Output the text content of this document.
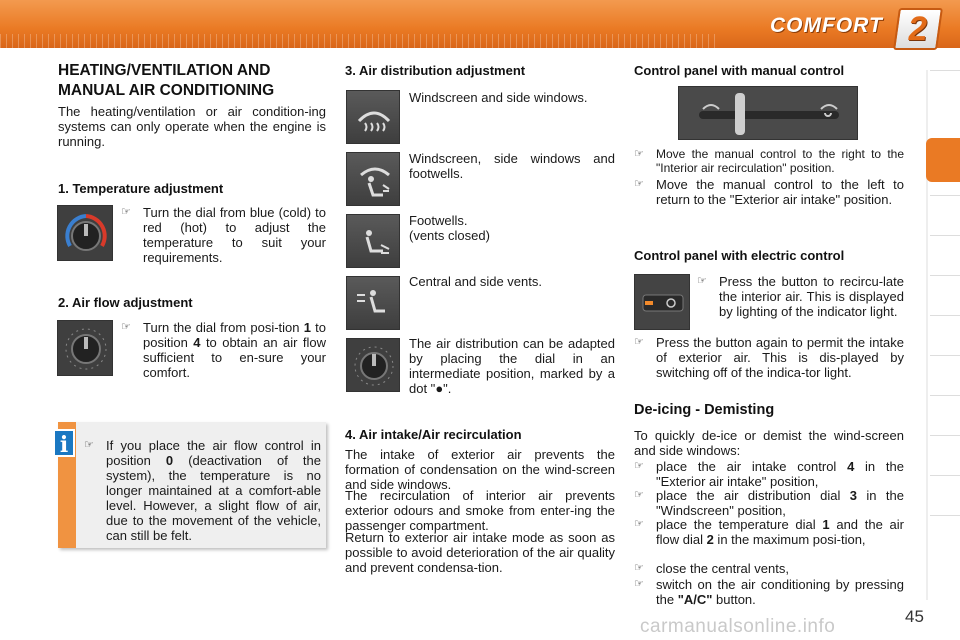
COMFORT 2
HEATING/VENTILATION AND
MANUAL AIR CONDITIONING
The heating/ventilation or air condition-ing systems can only operate when the engine is running.
1. Temperature adjustment
☞ Turn the dial from blue (cold) to red (hot) to adjust the temperature to suit your requirements.
2. Air flow adjustment
☞ Turn the dial from posi-tion 1 to position 4 to obtain an air flow sufficient to en-sure your comfort.
i	☞ If you place the air flow control in position 0 (deactivation of the system), the temperature is no longer maintained at a comfort-able level. However, a slight flow of air, due to the movement of the vehicle, can still be felt.
3. Air distribution adjustment
Windscreen and side windows.
Windscreen, side windows and footwells.
Footwells.
(vents closed)
Central and side vents.
The air distribution can be adapted by placing the dial in an intermediate position, marked by a dot "●".
4. Air intake/Air recirculation
The intake of exterior air prevents the formation of condensation on the wind-screen and side windows.
The recirculation of interior air prevents exterior odours and smoke from enter-ing the passenger compartment.
Return to exterior air intake mode as soon as possible to avoid deterioration of the air quality and prevent condensa-tion.
Control panel with manual control
☞	Move the manual control to the right to the "Interior air recirculation" position.
☞ Move the manual control to the left to return to the "Exterior air intake" position.
Control panel with electric control
☞ Press the button to recircu-late the interior air. This is displayed by lighting of the indicator light.
☞ Press the button again to permit the intake of exterior air. This is dis-played by switching off of the indica-tor light.
De-icing - Demisting
To quickly de-ice or demist the wind-screen and side windows:
☞ place the air intake control 4 in the "Exterior air intake" position,
☞ place the air distribution dial 3 in the "Windscreen" position,
☞ place the temperature dial 1 and the air flow dial 2 in the maximum posi-tion,
☞ close the central vents,
☞ switch on the air conditioning by pressing the "A/C" button.
carmanualsonline.info	45
